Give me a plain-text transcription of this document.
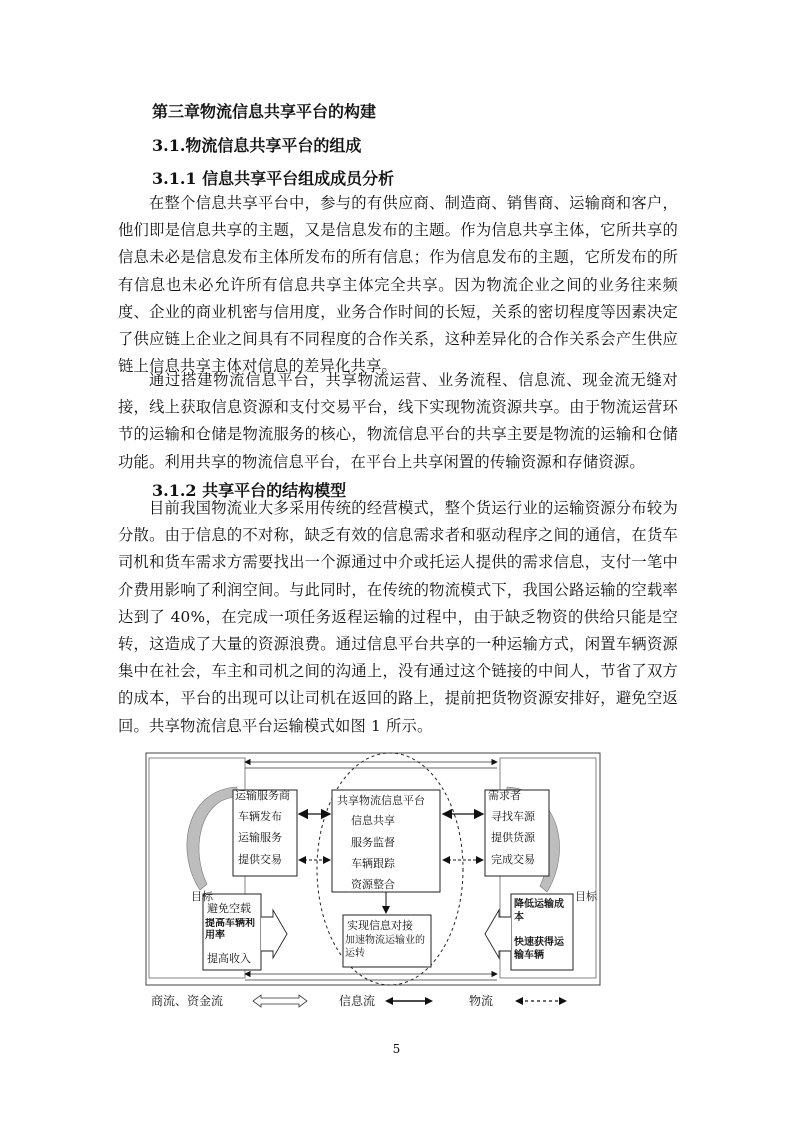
第三章物流信息共享平台的构建
3.1.物流信息共享平台的组成
3.1.1 信息共享平台组成成员分析
在整个信息共享平台中，参与的有供应商、制造商、销售商、运输商和客户，他们即是信息共享的主题，又是信息发布的主题。作为信息共享主体，它所共享的信息未必是信息发布主体所发布的所有信息；作为信息发布的主题，它所发布的所有信息也未必允许所有信息共享主体完全共享。因为物流企业之间的业务往来频度、企业的商业机密与信用度，业务合作时间的长短，关系的密切程度等因素决定了供应链上企业之间具有不同程度的合作关系，这种差异化的合作关系会产生供应链上信息共享主体对信息的差异化共享。
通过搭建物流信息平台，共享物流运营、业务流程、信息流、现金流无缝对接，线上获取信息资源和支付交易平台，线下实现物流资源共享。由于物流运营环节的运输和仓储是物流服务的核心，物流信息平台的共享主要是物流的运输和仓储功能。利用共享的物流信息平台，在平台上共享闲置的传输资源和存储资源。
3.1.2 共享平台的结构模型
目前我国物流业大多采用传统的经营模式，整个货运行业的运输资源分布较为分散。由于信息的不对称，缺乏有效的信息需求者和驱动程序之间的通信，在货车司机和货车需求方需要找出一个源通过中介或托运人提供的需求信息，支付一笔中介费用影响了利润空间。与此同时，在传统的物流模式下，我国公路运输的空载率达到了 40%，在完成一项任务返程运输的过程中，由于缺乏物资的供给只能是空转，这造成了大量的资源浪费。通过信息平台共享的一种运输方式，闲置车辆资源集中在社会，车主和司机之间的沟通上，没有通过这个链接的中间人，节省了双方的成本，平台的出现可以让司机在返回的路上，提前把货物资源安排好，避免空返回。共享物流信息平台运输模式如图 1 所示。
运输服务商
车辆发布
运输服务
提供交易
目标
避免空载
提高车辆利用率
提高收入
共享物流信息平台
信息共享
服务监督
车辆跟踪
资源整合
实现信息对接
加速物流运输业的运转
需求者
寻找车源
提供货源
完成交易
目标
降低运输成本
快速获得运输车辆
商流、资金流	信息流	物流
5
